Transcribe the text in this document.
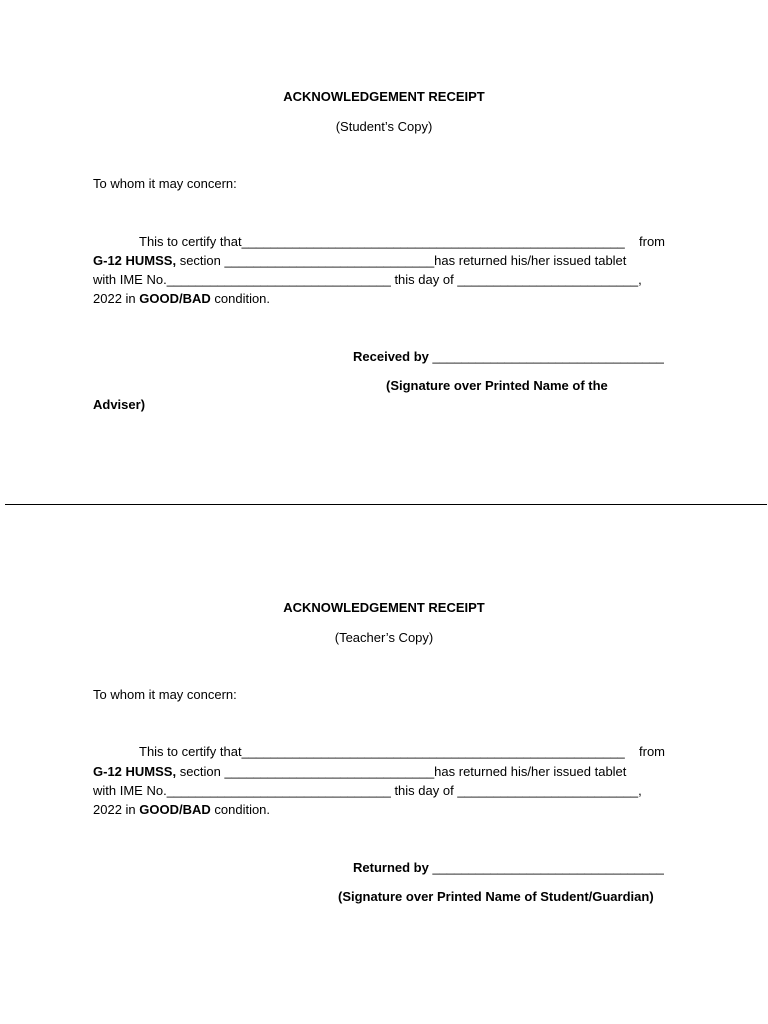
ACKNOWLEDGEMENT RECEIPT
(Student’s Copy)
To whom it may concern:
This to certify that_____________________________________________________ from
G-12 HUMSS, section _____________________________has returned his/her issued tablet
with IME No._______________________________ this day of _________________________,
2022 in GOOD/BAD condition.
Received by ________________________________
(Signature over Printed Name of the
Adviser)
ACKNOWLEDGEMENT RECEIPT
(Teacher’s Copy)
To whom it may concern:
This to certify that_____________________________________________________ from
G-12 HUMSS, section _____________________________has returned his/her issued tablet
with IME No._______________________________ this day of _________________________,
2022 in GOOD/BAD condition.
Returned by ________________________________
(Signature over Printed Name of Student/Guardian)
